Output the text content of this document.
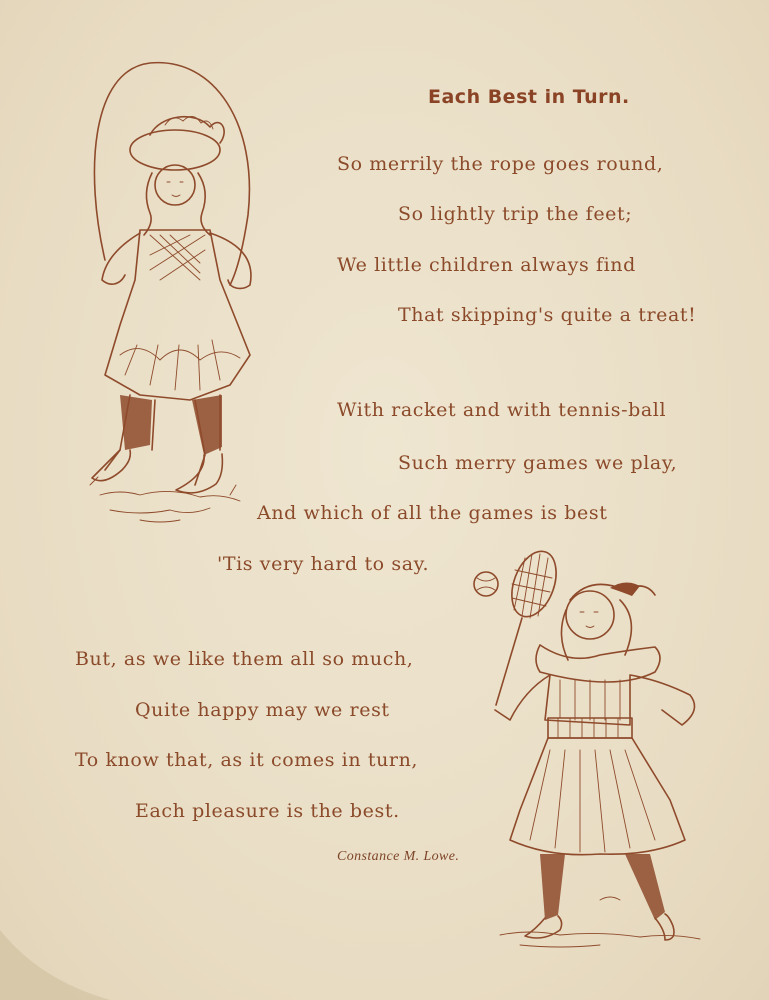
Each Best in Turn.
So merrily the rope goes round,
So lightly trip the feet;
We little children always find
That skipping's quite a treat!
With racket and with tennis-ball
Such merry games we play,
And which of all the games is best
'Tis very hard to say.
But, as we like them all so much,
Quite happy may we rest
To know that, as it comes in turn,
Each pleasure is the best.
Constance M. Lowe.
